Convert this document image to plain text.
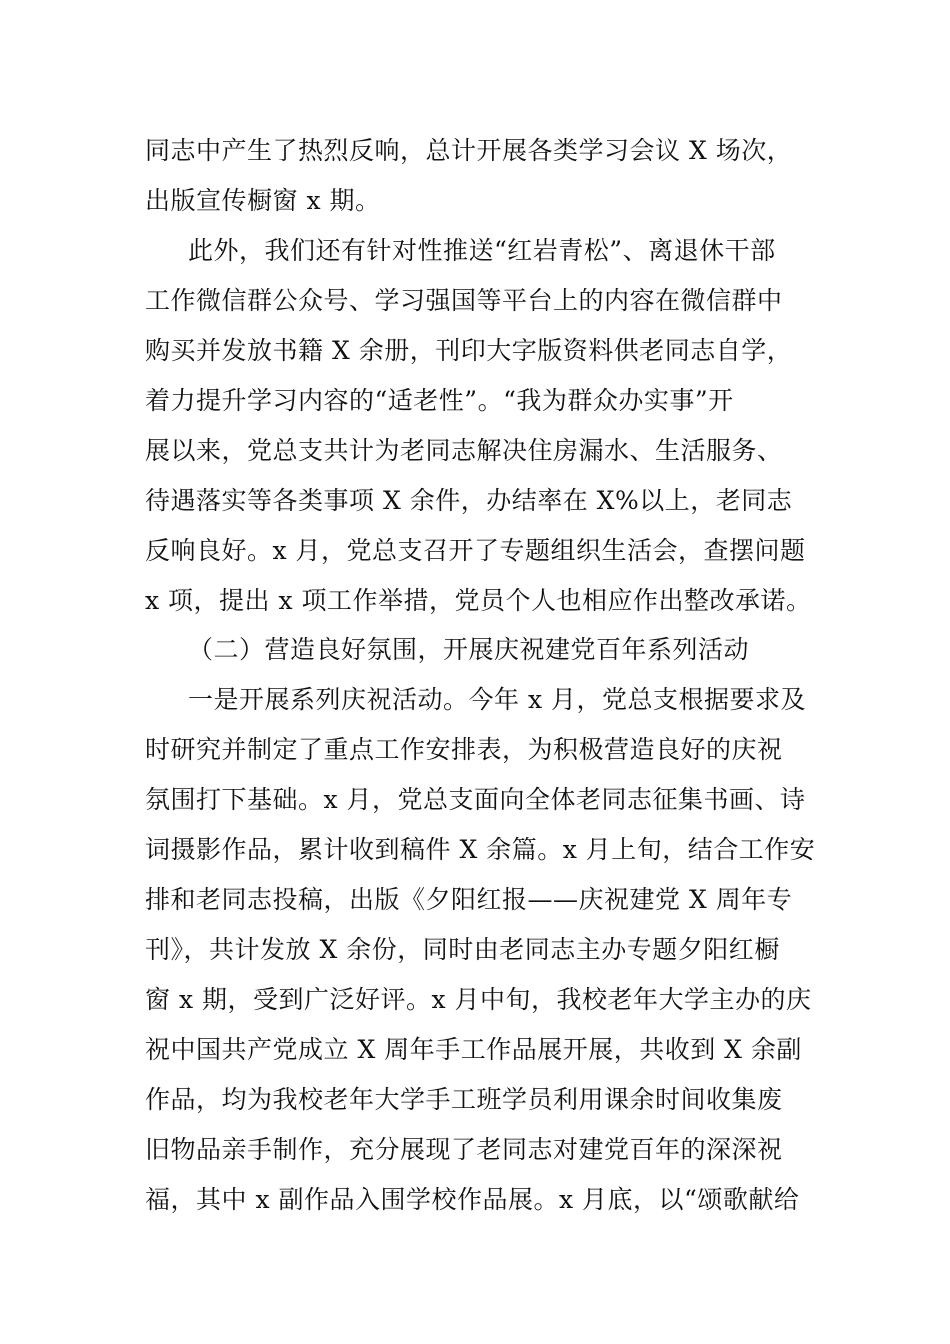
同志中产生了热烈反响，总计开展各类学习会议 X 场次，
出版宣传橱窗 x 期。
此外，我们还有针对性推送“红岩青松”、离退休干部
工作微信群公众号、学习强国等平台上的内容在微信群中
购买并发放书籍 X 余册，刊印大字版资料供老同志自学，
着力提升学习内容的“适老性”。“我为群众办实事”开
展以来，党总支共计为老同志解决住房漏水、生活服务、
待遇落实等各类事项 X 余件，办结率在 X%以上，老同志
反响良好。x 月，党总支召开了专题组织生活会，查摆问题
x 项，提出 x 项工作举措，党员个人也相应作出整改承诺。
（二）营造良好氛围，开展庆祝建党百年系列活动
一是开展系列庆祝活动。今年 x 月，党总支根据要求及
时研究并制定了重点工作安排表，为积极营造良好的庆祝
氛围打下基础。x 月，党总支面向全体老同志征集书画、诗
词摄影作品，累计收到稿件 X 余篇。x 月上旬，结合工作安
排和老同志投稿，出版《夕阳红报——庆祝建党 X 周年专
刊》，共计发放 X 余份，同时由老同志主办专题夕阳红橱
窗 x 期，受到广泛好评。x 月中旬，我校老年大学主办的庆
祝中国共产党成立 X 周年手工作品展开展，共收到 X 余副
作品，均为我校老年大学手工班学员利用课余时间收集废
旧物品亲手制作，充分展现了老同志对建党百年的深深祝
福，其中 x 副作品入围学校作品展。x 月底，以“颂歌献给
